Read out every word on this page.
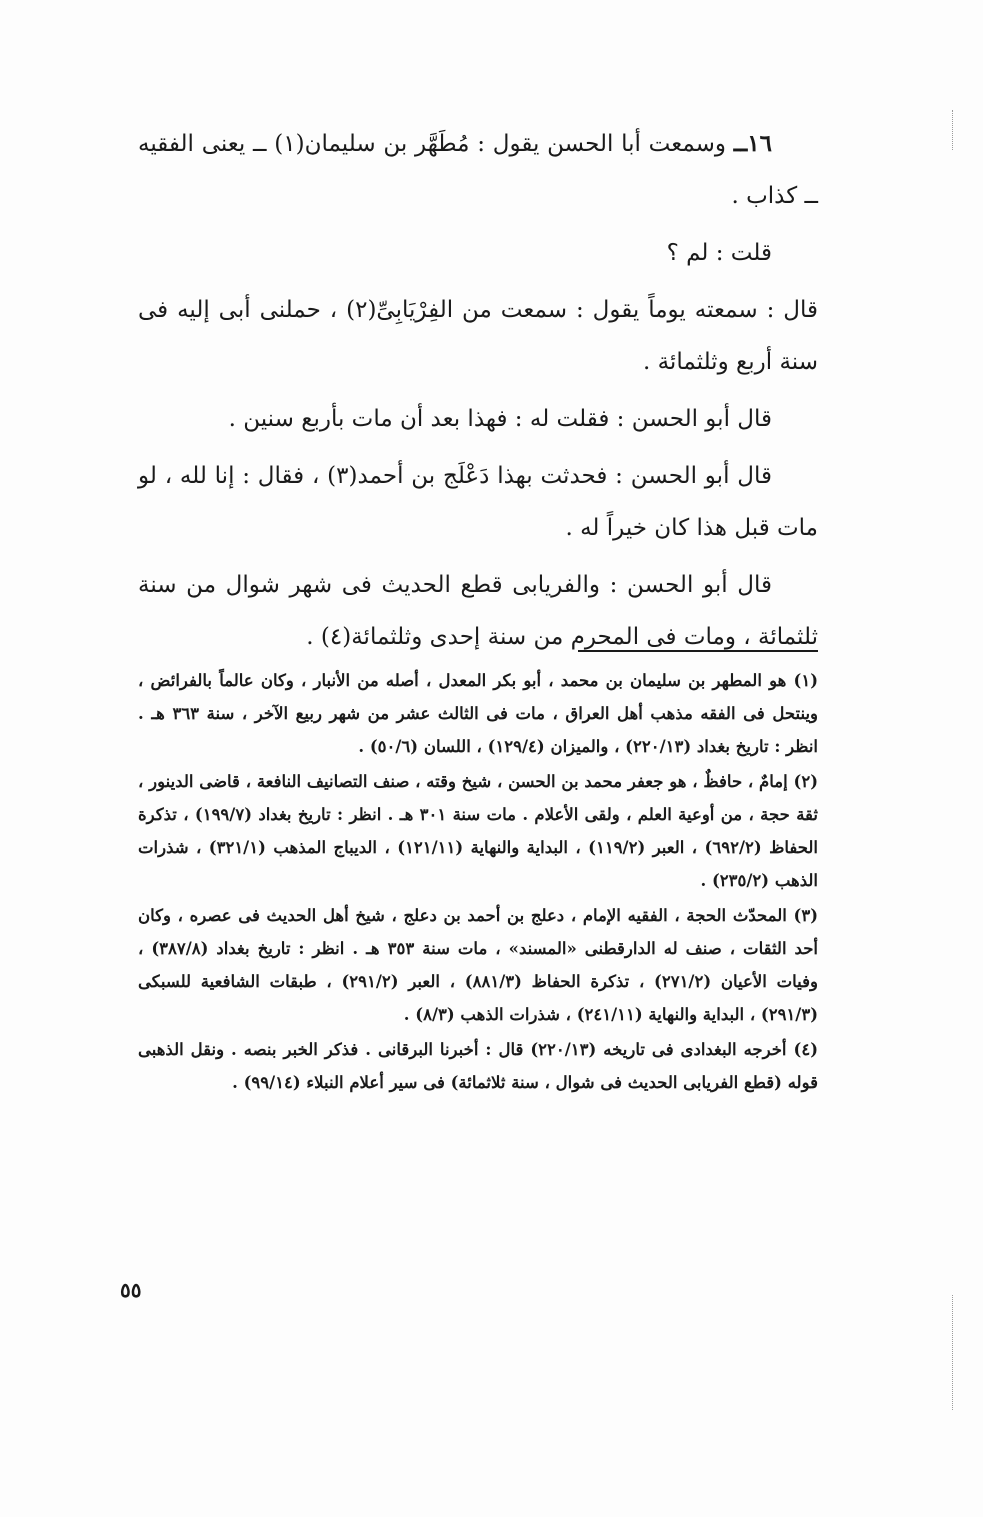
١٦ــ وسمعت أبا الحسن يقول : مُطَهَّر بن سليمان(١) ــ يعنى الفقيه ــ كذاب .

قلت : لم ؟

قال : سمعته يوماً يقول : سمعت من الفِرْيَابِىِّ(٢) ، حملنى أبى إليه فى سنة أربع وثلثمائة .

قال أبو الحسن : فقلت له : فهذا بعد أن مات بأربع سنين .

قال أبو الحسن : فحدثت بهذا دَعْلَج بن أحمد(٣) ، فقال : إنا لله ، لو مات قبل هذا كان خيراً له .

قال أبو الحسن : والفريابى قطع الحديث فى شهر شوال من سنة ثلثمائة ، ومات فى المحرم من سنة إحدى وثلثمائة(٤) .

(١) هو المطهر بن سليمان بن محمد ، أبو بكر المعدل ، أصله من الأنبار ، وكان عالماً بالفرائض ، وينتحل فى الفقه مذهب أهل العراق ، مات فى الثالث عشر من شهر ربيع الآخر ، سنة ٣٦٣ هـ . انظر : تاريخ بغداد (٢٢٠/١٣) ، والميزان (١٢٩/٤) ، اللسان (٥٠/٦) .

(٢) إمامٌ ، حافظٌ ، هو جعفر محمد بن الحسن ، شيخ وقته ، صنف التصانيف النافعة ، قاضى الدينور ، ثقة حجة ، من أوعية العلم ، ولقى الأعلام . مات سنة ٣٠١ هـ . انظر : تاريخ بغداد (١٩٩/٧) ، تذكرة الحفاظ (٦٩٢/٢) ، العبر (١١٩/٢) ، البداية والنهاية (١٢١/١١) ، الديباج المذهب (٣٢١/١) ، شذرات الذهب (٢٣٥/٢) .

(٣) المحدّث الحجة ، الفقيه الإمام ، دعلج بن أحمد بن دعلج ، شيخ أهل الحديث فى عصره ، وكان أحد الثقات ، صنف له الدارقطنى «المسند» ، مات سنة ٣٥٣ هـ . انظر : تاريخ بغداد (٣٨٧/٨) ، وفيات الأعيان (٢٧١/٢) ، تذكرة الحفاظ (٨٨١/٣) ، العبر (٢٩١/٢) ، طبقات الشافعية للسبكى (٢٩١/٣) ، البداية والنهاية (٢٤١/١١) ، شذرات الذهب (٨/٣) .

(٤) أخرجه البغدادى فى تاريخه (٢٢٠/١٣) قال : أخبرنا البرقانى . فذكر الخبر بنصه . ونقل الذهبى قوله (قطع الفريابى الحديث فى شوال ، سنة ثلاثمائة) فى سير أعلام النبلاء (٩٩/١٤) .

٥٥
